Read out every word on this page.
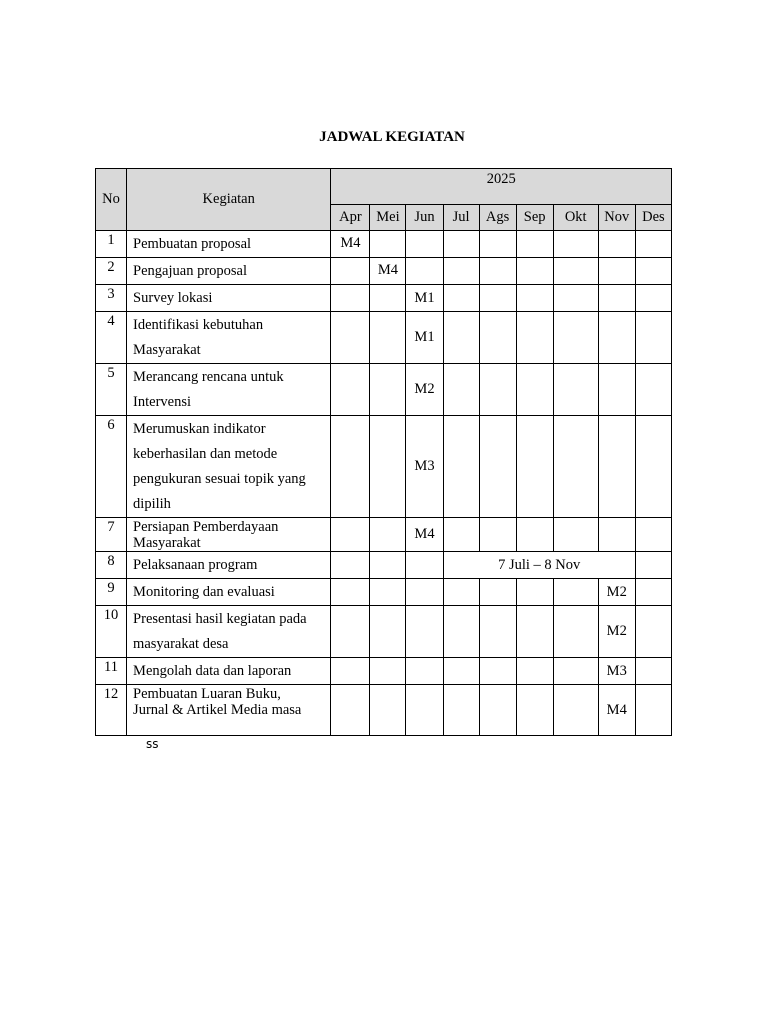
JADWAL KEGIATAN
No	Kegiatan	2025								
		Apr	Mei	Jun	Jul	Ags	Sep	Okt	Nov	Des
1	Pembuatan proposal	M4								
2	Pengajuan proposal		M4							
3	Survey lokasi			M1						
4	Identifikasi kebutuhan
Masyarakat			M1						
5	Merancang rencana untuk
Intervensi			M2						
6	Merumuskan indikator
keberhasilan dan metode
pengukuran sesuai topik yang
dipilih			M3						
7	Persiapan Pemberdayaan
Masyarakat			M4						
8	Pelaksanaan program				7 Juli – 8 Nov					
9	Monitoring dan evaluasi								M2	
10	Presentasi hasil kegiatan pada
masyarakat desa								M2	
11	Mengolah data dan laporan								M3	
12	Pembuatan Luaran Buku,
Jurnal & Artikel Media masa								M4	
ss
